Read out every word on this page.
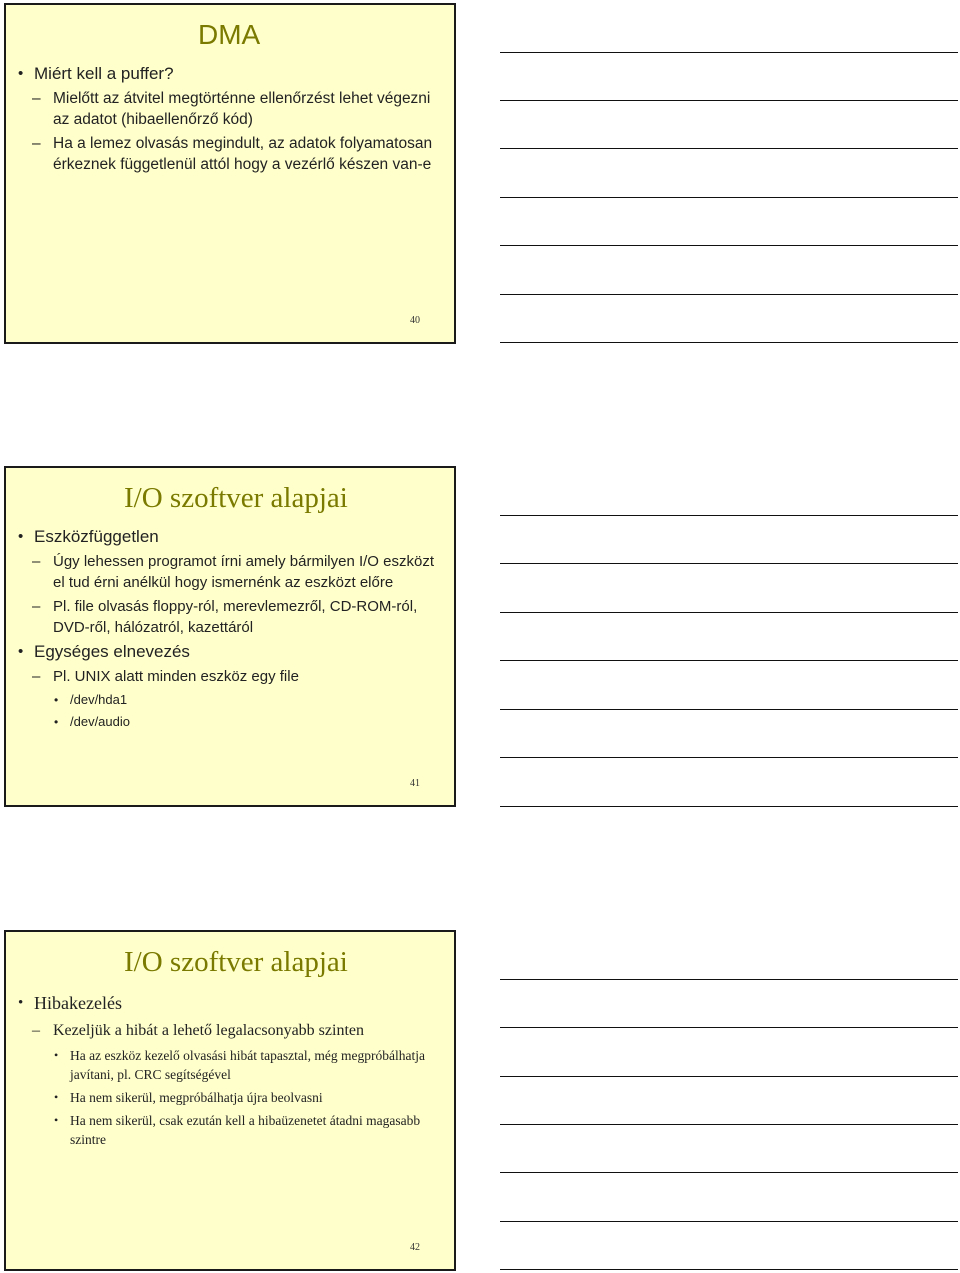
DMA
• Miért kell a puffer?
– Mielőtt az átvitel megtörténne ellenőrzést lehet végezni az adatot (hibaellenőrző kód)
– Ha a lemez olvasás megindult, az adatok folyamatosan érkeznek függetlenül attól hogy a vezérlő készen van-e
40
I/O szoftver alapjai
• Eszközfüggetlen
– Úgy lehessen programot írni amely bármilyen I/O eszközt el tud érni anélkül hogy ismernénk az eszközt előre
– Pl. file olvasás floppy-ról, merevlemezről, CD-ROM-ról, DVD-ről, hálózatról, kazettáról
• Egységes elnevezés
– Pl. UNIX alatt minden eszköz egy file
• /dev/hda1
• /dev/audio
41
I/O szoftver alapjai
• Hibakezelés
– Kezeljük a hibát a lehető legalacsonyabb szinten
• Ha az eszköz kezelő olvasási hibát tapasztal, még megpróbálhatja javítani, pl. CRC segítségével
• Ha nem sikerül, megpróbálhatja újra beolvasni
• Ha nem sikerül, csak ezután kell a hibaüzenetet átadni magasabb szintre
42
